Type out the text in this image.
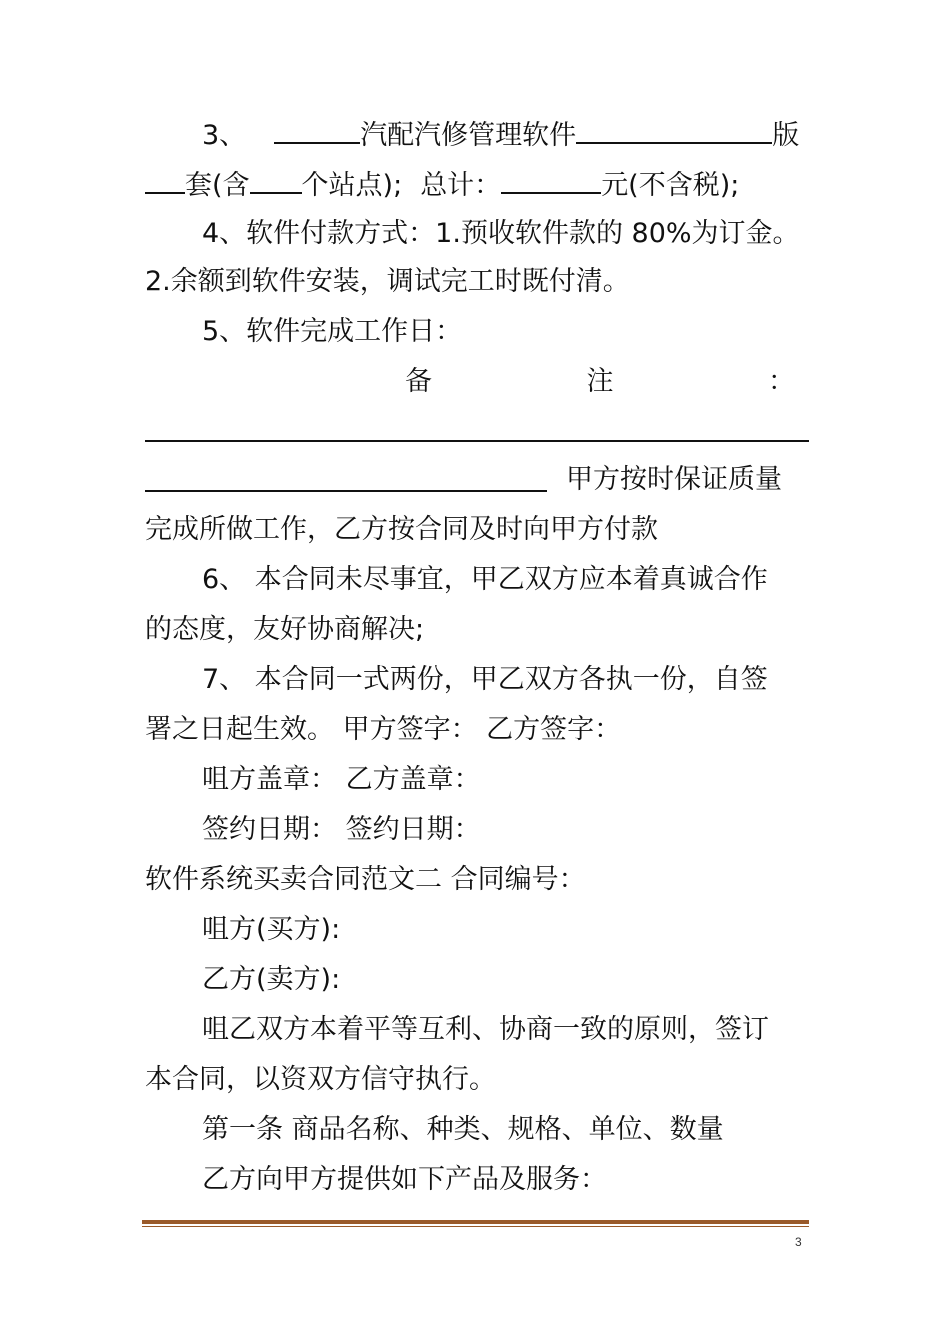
3、	汽配汽修管理软件	版
套(含 个站点); 总计：	元(不含税);
4、软件付款方式：1.预收软件款的 80%为订金。
2.余额到软件安装，调试完工时既付清。
5、软件完成工作日：
备	注	：
甲方按时保证质量
完成所做工作，乙方按合同及时向甲方付款
6、 本合同未尽事宜，甲乙双方应本着真诚合作
的态度，友好协商解决;
7、 本合同一式两份，甲乙双方各执一份，自签
署之日起生效。 甲方签字： 乙方签字：
咀方盖章： 乙方盖章：
签约日期： 签约日期：
软件系统买卖合同范文二 合同编号：
咀方(买方):
乙方(卖方):
咀乙双方本着平等互利、协商一致的原则，签订
本合同，以资双方信守执行。
第一条 商品名称、种类、规格、单位、数量
乙方向甲方提供如下产品及服务：
3
